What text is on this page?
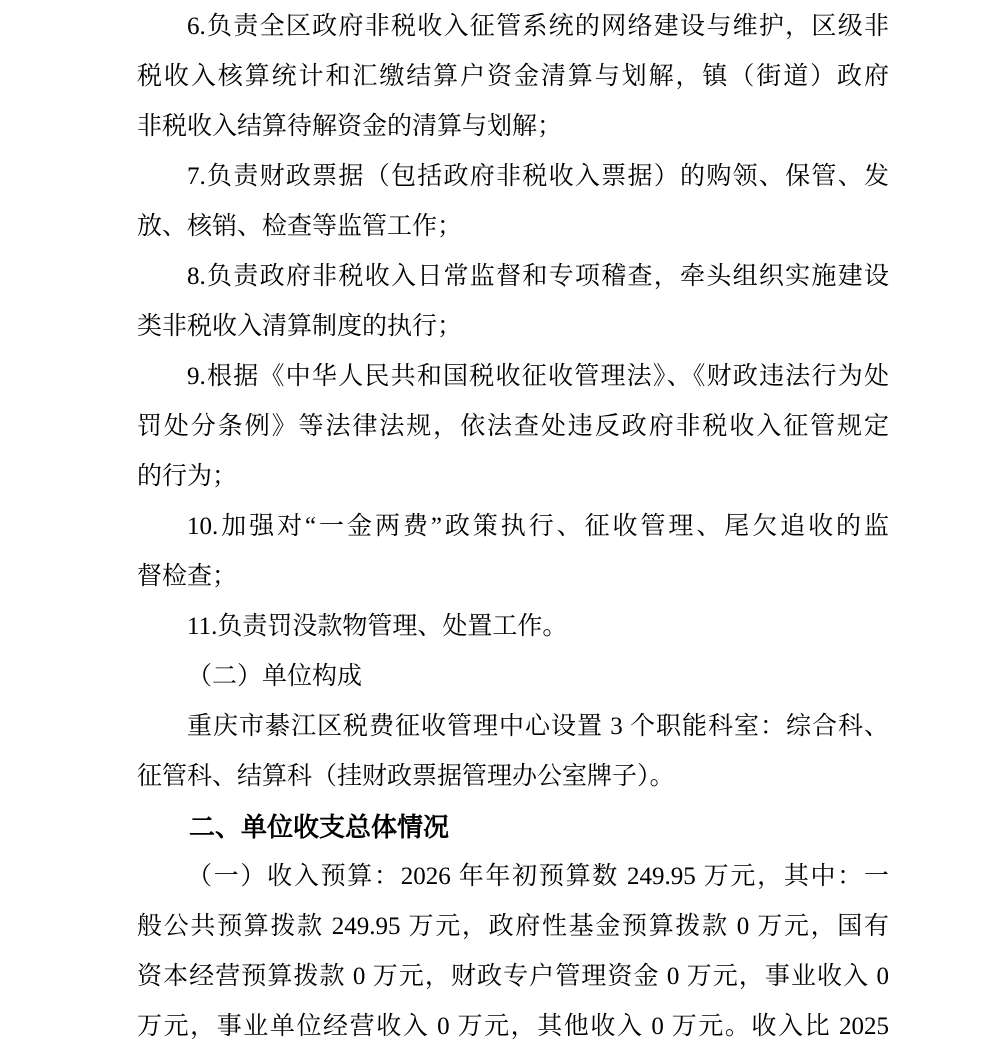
6.负责全区政府非税收入征管系统的网络建设与维护，区级非
税收入核算统计和汇缴结算户资金清算与划解，镇（街道）政府
非税收入结算待解资金的清算与划解；
7.负责财政票据（包括政府非税收入票据）的购领、保管、发
放、核销、检查等监管工作；
8.负责政府非税收入日常监督和专项稽查，牵头组织实施建设
类非税收入清算制度的执行；
9.根据《中华人民共和国税收征收管理法》、《财政违法行为处
罚处分条例》等法律法规，依法查处违反政府非税收入征管规定
的行为；
10.加强对“一金两费”政策执行、征收管理、尾欠追收的监
督检查；
11.负责罚没款物管理、处置工作。
（二）单位构成
重庆市綦江区税费征收管理中心设置 3 个职能科室：综合科、
征管科、结算科（挂财政票据管理办公室牌子）。
二、单位收支总体情况
（一）收入预算：2026 年年初预算数 249.95 万元，其中：一
般公共预算拨款 249.95 万元，政府性基金预算拨款 0 万元，国有
资本经营预算拨款 0 万元，财政专户管理资金 0 万元，事业收入 0
万元，事业单位经营收入 0 万元，其他收入 0 万元。收入比 2025
